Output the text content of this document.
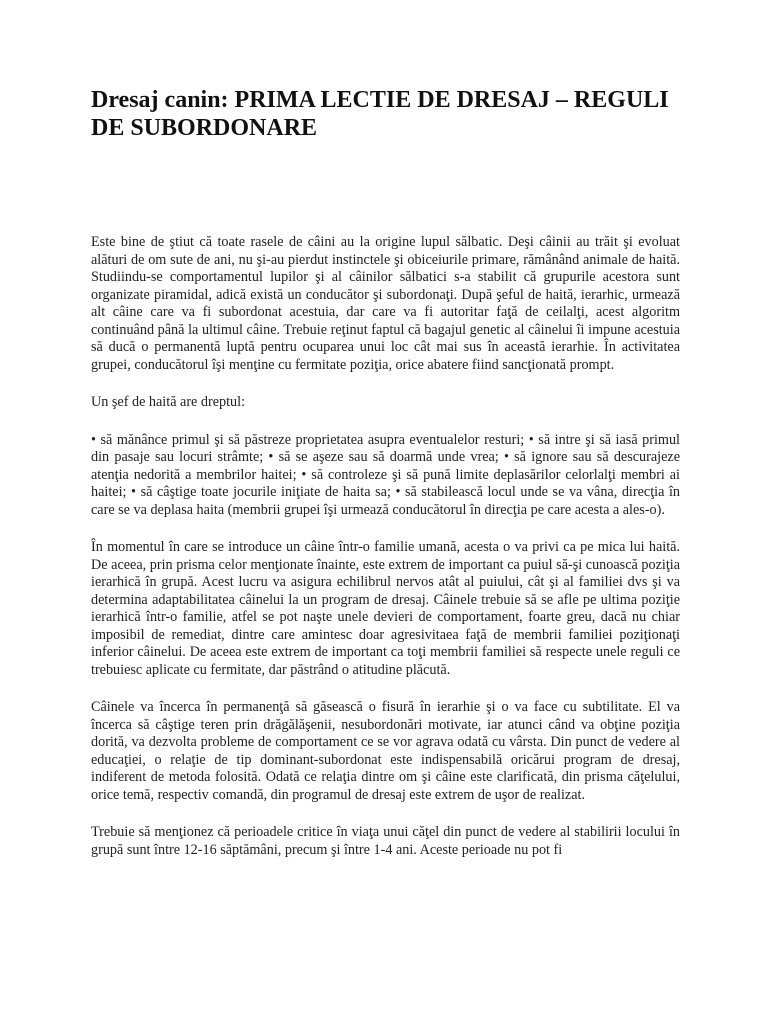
Dresaj canin: PRIMA LECTIE DE DRESAJ – REGULI DE SUBORDONARE

Este bine de ştiut că toate rasele de câini au la origine lupul sălbatic. Deşi câinii au trăit şi evoluat alături de om sute de ani, nu şi-au pierdut instinctele şi obiceiurile primare, rămânând animale de haită. Studiindu-se comportamentul lupilor şi al câinilor sălbatici s-a stabilit că grupurile acestora sunt organizate piramidal, adică există un conducător şi subordonaţi. După şeful de haită, ierarhic, urmează alt câine care va fi subordonat acestuia, dar care va fi autoritar faţă de ceilalţi, acest algoritm continuând până la ultimul câine. Trebuie reţinut faptul că bagajul genetic al câinelui îi impune acestuia să ducă o permanentă luptă pentru ocuparea unui loc cât mai sus în această ierarhie. În activitatea grupei, conducătorul îşi menţine cu fermitate poziţia, orice abatere fiind sancţionată prompt.

Un şef de haită are dreptul:

• să mănânce primul şi să păstreze proprietatea asupra eventualelor resturi; • să intre şi să iasă primul din pasaje sau locuri strâmte; • să se aşeze sau să doarmă unde vrea; • să ignore sau să descurajeze atenţia nedorită a membrilor haitei; • să controleze şi să pună limite deplasărilor celorlalţi membri ai haitei; • să câştige toate jocurile iniţiate de haita sa; • să stabilească locul unde se va vâna, direcţia în care se va deplasa haita (membrii grupei îşi urmează conducătorul în direcţia pe care acesta a ales-o).

În momentul în care se introduce un câine într-o familie umană, acesta o va privi ca pe mica lui haită. De aceea, prin prisma celor menţionate înainte, este extrem de important ca puiul să-şi cunoască poziţia ierarhică în grupă. Acest lucru va asigura echilibrul nervos atât al puiului, cât şi al familiei dvs şi va determina adaptabilitatea câinelui la un program de dresaj. Câinele trebuie să se afle pe ultima poziţie ierarhică într-o familie, atfel se pot naşte unele devieri de comportament, foarte greu, dacă nu chiar imposibil de remediat, dintre care amintesc doar agresivitaea faţă de membrii familiei poziţionaţi inferior câinelui. De aceea este extrem de important ca toţi membrii familiei să respecte unele reguli ce trebuiesc aplicate cu fermitate, dar păstrând o atitudine plăcută.

Câinele va încerca în permanenţă să găsească o fisură în ierarhie şi o va face cu subtilitate. El va încerca să câştige teren prin drăgălăşenii, nesubordonări motivate, iar atunci când va obţine poziţia dorită, va dezvolta probleme de comportament ce se vor agrava odată cu vârsta. Din punct de vedere al educaţiei, o relaţie de tip dominant-subordonat este indispensabilă oricărui program de dresaj, indiferent de metoda folosită. Odată ce relaţia dintre om şi câine este clarificată, din prisma căţelului, orice temă, respectiv comandă, din programul de dresaj este extrem de uşor de realizat.

Trebuie să menţionez că perioadele critice în viaţa unui căţel din punct de vedere al stabilirii locului în grupă sunt între 12-16 săptămâni, precum şi între 1-4 ani. Aceste perioade nu pot fi
